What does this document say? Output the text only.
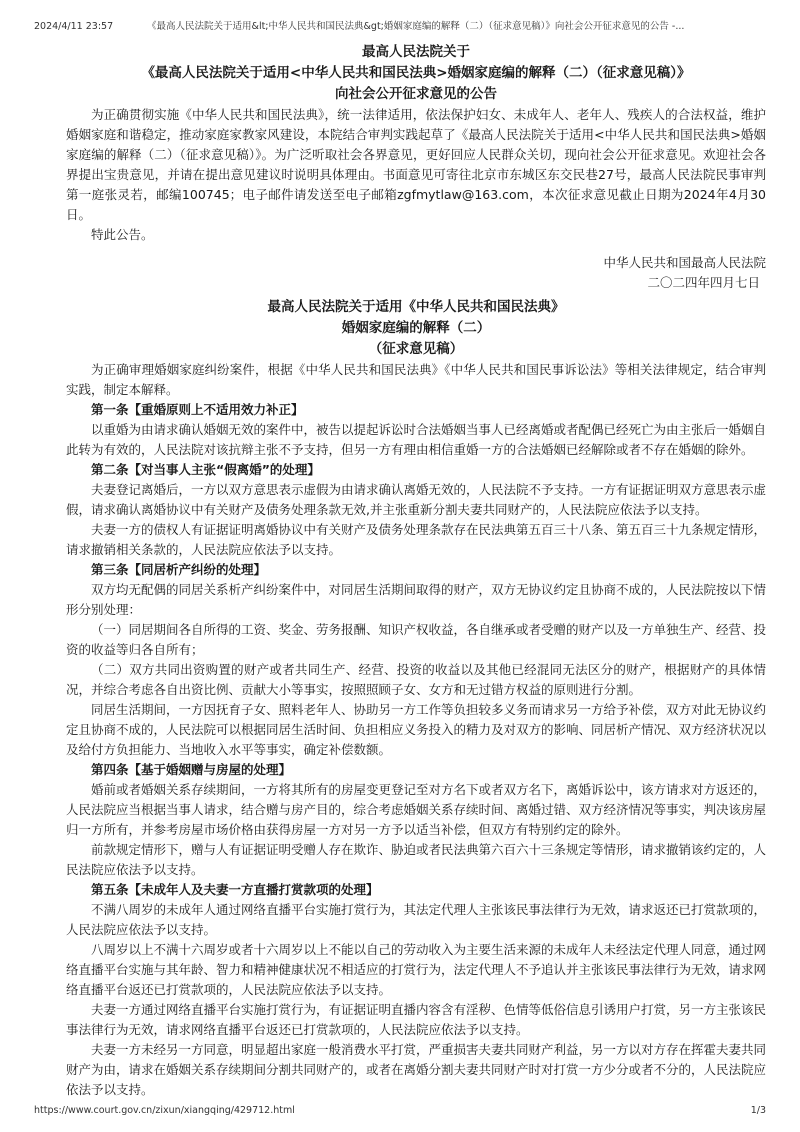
2024/4/11 23:57	《最高人民法院关于适用&lt;中华人民共和国民法典&gt;婚姻家庭编的解释（二）（征求意见稿）》向社会公开征求意见的公告 -...

最高人民法院关于

《最高人民法院关于适用<中华人民共和国民法典>婚姻家庭编的解释（二）（征求意见稿）》

向社会公开征求意见的公告

为正确贯彻实施《中华人民共和国民法典》，统一法律适用，依法保护妇女、未成年人、老年人、残疾人的合法权益，维护婚姻家庭和谐稳定，推动家庭家教家风建设，本院结合审判实践起草了《最高人民法院关于适用<中华人民共和国民法典>婚姻家庭编的解释（二）（征求意见稿）》。为广泛听取社会各界意见，更好回应人民群众关切，现向社会公开征求意见。欢迎社会各界提出宝贵意见，并请在提出意见建议时说明具体理由。书面意见可寄往北京市东城区东交民巷27号，最高人民法院民事审判第一庭张灵若，邮编100745；电子邮件请发送至电子邮箱zgfmytlaw@163.com，本次征求意见截止日期为2024年4月30日。

特此公告。

中华人民共和国最高人民法院

二〇二四年四月七日

最高人民法院关于适用《中华人民共和国民法典》

婚姻家庭编的解释（二）

（征求意见稿）

为正确审理婚姻家庭纠纷案件，根据《中华人民共和国民法典》《中华人民共和国民事诉讼法》等相关法律规定，结合审判实践，制定本解释。

第一条【重婚原则上不适用效力补正】

以重婚为由请求确认婚姻无效的案件中，被告以提起诉讼时合法婚姻当事人已经离婚或者配偶已经死亡为由主张后一婚姻自此转为有效的，人民法院对该抗辩主张不予支持，但另一方有理由相信重婚一方的合法婚姻已经解除或者不存在婚姻的除外。

第二条【对当事人主张“假离婚”的处理】

夫妻登记离婚后，一方以双方意思表示虚假为由请求确认离婚无效的，人民法院不予支持。一方有证据证明双方意思表示虚假，请求确认离婚协议中有关财产及债务处理条款无效,并主张重新分割夫妻共同财产的，人民法院应依法予以支持。

夫妻一方的债权人有证据证明离婚协议中有关财产及债务处理条款存在民法典第五百三十八条、第五百三十九条规定情形，请求撤销相关条款的，人民法院应依法予以支持。

第三条【同居析产纠纷的处理】

双方均无配偶的同居关系析产纠纷案件中，对同居生活期间取得的财产，双方无协议约定且协商不成的，人民法院按以下情形分别处理：

（一）同居期间各自所得的工资、奖金、劳务报酬、知识产权收益，各自继承或者受赠的财产以及一方单独生产、经营、投资的收益等归各自所有；

（二）双方共同出资购置的财产或者共同生产、经营、投资的收益以及其他已经混同无法区分的财产，根据财产的具体情况，并综合考虑各自出资比例、贡献大小等事实，按照照顾子女、女方和无过错方权益的原则进行分割。

同居生活期间，一方因抚育子女、照料老年人、协助另一方工作等负担较多义务而请求另一方给予补偿，双方对此无协议约定且协商不成的，人民法院可以根据同居生活时间、负担相应义务投入的精力及对双方的影响、同居析产情况、双方经济状况以及给付方负担能力、当地收入水平等事实，确定补偿数额。

第四条【基于婚姻赠与房屋的处理】

婚前或者婚姻关系存续期间，一方将其所有的房屋变更登记至对方名下或者双方名下，离婚诉讼中，该方请求对方返还的，人民法院应当根据当事人请求，结合赠与房产目的，综合考虑婚姻关系存续时间、离婚过错、双方经济情况等事实，判决该房屋归一方所有，并参考房屋市场价格由获得房屋一方对另一方予以适当补偿，但双方有特别约定的除外。

前款规定情形下，赠与人有证据证明受赠人存在欺诈、胁迫或者民法典第六百六十三条规定等情形，请求撤销该约定的，人民法院应依法予以支持。

第五条【未成年人及夫妻一方直播打赏款项的处理】

不满八周岁的未成年人通过网络直播平台实施打赏行为，其法定代理人主张该民事法律行为无效，请求返还已打赏款项的，人民法院应依法予以支持。

八周岁以上不满十六周岁或者十六周岁以上不能以自己的劳动收入为主要生活来源的未成年人未经法定代理人同意，通过网络直播平台实施与其年龄、智力和精神健康状况不相适应的打赏行为，法定代理人不予追认并主张该民事法律行为无效，请求网络直播平台返还已打赏款项的，人民法院应依法予以支持。

夫妻一方通过网络直播平台实施打赏行为，有证据证明直播内容含有淫秽、色情等低俗信息引诱用户打赏，另一方主张该民事法律行为无效，请求网络直播平台返还已打赏款项的，人民法院应依法予以支持。

夫妻一方未经另一方同意，明显超出家庭一般消费水平打赏，严重损害夫妻共同财产利益，另一方以对方存在挥霍夫妻共同财产为由，请求在婚姻关系存续期间分割共同财产的，或者在离婚分割夫妻共同财产时对打赏一方少分或者不分的，人民法院应依法予以支持。

https://www.court.gov.cn/zixun/xiangqing/429712.html	1/3
